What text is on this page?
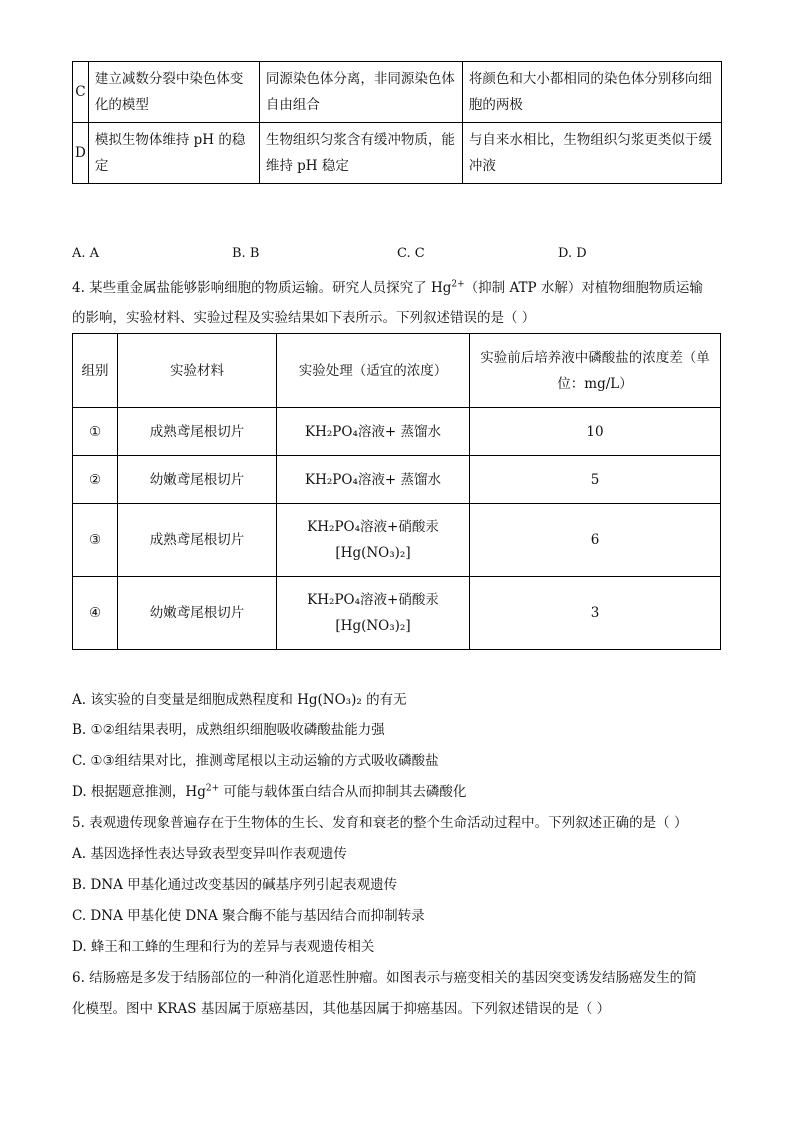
C	建立减数分裂中染色体变化的模型	同源染色体分离，非同源染色体自由组合	将颜色和大小都相同的染色体分别移向细胞的两极
D	模拟生物体维持 pH 的稳定	生物组织匀浆含有缓冲物质，能维持 pH 稳定	与自来水相比，生物组织匀浆更类似于缓冲液
A. A	B. B	C. C	D. D
4. 某些重金属盐能够影响细胞的物质运输。研究人员探究了 $Hg^{2+}$（抑制 ATP 水解）对植物细胞物质运输
的影响，实验材料、实验过程及实验结果如下表所示。下列叙述错误的是（ ）
组别	实验材料	实验处理（适宜的浓度）	实验前后培养液中磷酸盐的浓度差（单位：mg/L）
①	成熟鸢尾根切片	KH₂PO₄溶液+ 蒸馏水	10
②	幼嫩鸢尾根切片	KH₂PO₄溶液+ 蒸馏水	5
③	成熟鸢尾根切片	KH₂PO₄溶液+硝酸汞[Hg(NO₃)₂]	6
④	幼嫩鸢尾根切片	KH₂PO₄溶液+硝酸汞[Hg(NO₃)₂]	3
A. 该实验的自变量是细胞成熟程度和 Hg(NO₃)₂ 的有无
B. ①②组结果表明，成熟组织细胞吸收磷酸盐能力强
C. ①③组结果对比，推测鸢尾根以主动运输的方式吸收磷酸盐
D. 根据题意推测，$Hg^{2+}$ 可能与载体蛋白结合从而抑制其去磷酸化
5. 表观遗传现象普遍存在于生物体的生长、发育和衰老的整个生命活动过程中。下列叙述正确的是（ ）
A. 基因选择性表达导致表型变异叫作表观遗传
B. DNA 甲基化通过改变基因的碱基序列引起表观遗传
C. DNA 甲基化使 DNA 聚合酶不能与基因结合而抑制转录
D. 蜂王和工蜂的生理和行为的差异与表观遗传相关
6. 结肠癌是多发于结肠部位的一种消化道恶性肿瘤。如图表示与癌变相关的基因突变诱发结肠癌发生的简
化模型。图中 KRAS 基因属于原癌基因，其他基因属于抑癌基因。下列叙述错误的是（ ）
